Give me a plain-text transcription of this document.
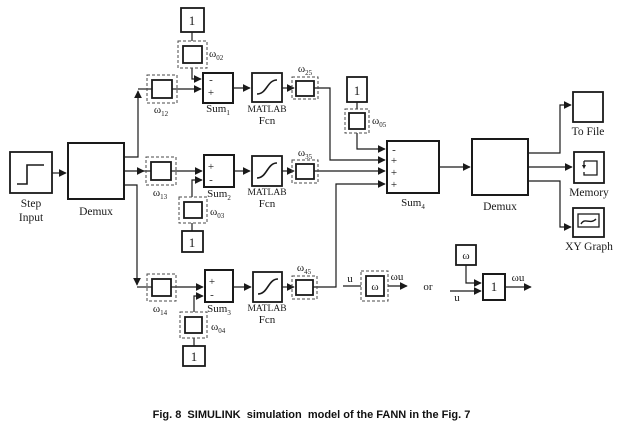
Step
Input	Demux
1
$\omega_{02}$
$\omega_{12}$
-
+
Sum$_1$ MATLAB
Fcn
$\omega_{25}$
$\omega_{13}$
+
-
Sum$_2$ MATLAB
Fcn
$\omega_{35}$
$\omega_{03}$
1
$\omega_{14}$
+
-
Sum$_3$ MATLAB
Fcn
$\omega_{45}$
$\omega_{04}$
1
1
$\omega_{05}$
-
+
+
+
Sum$_4$	Demux
To File
Memory
XY Graph
u
ω
ωu
or
ω
u
1
ωu
Fig. 8  SIMULINK  simulation  model of the FANN in the Fig. 7
